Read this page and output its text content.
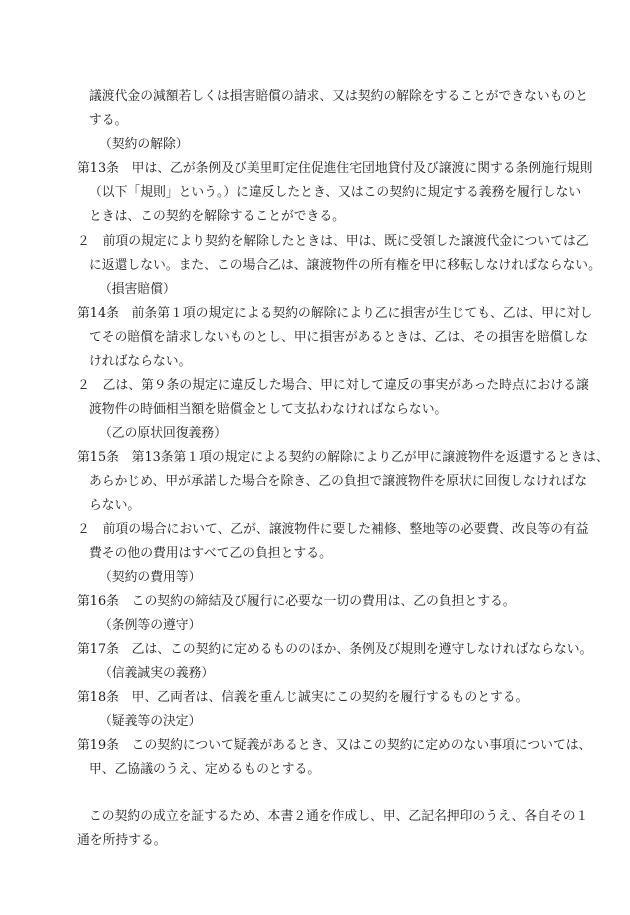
議渡代金の減額若しくは損害賠償の請求、又は契約の解除をすることができないものと
する。
（契約の解除）
第13条　甲は、乙が条例及び美里町定住促進住宅団地貸付及び譲渡に関する条例施行規則
（以下「規則」という。）に違反したとき、又はこの契約に規定する義務を履行しない
ときは、この契約を解除することができる。
２　前項の規定により契約を解除したときは、甲は、既に受領した譲渡代金については乙
に返還しない。また、この場合乙は、譲渡物件の所有権を甲に移転しなければならない。
（損害賠償）
第14条　前条第１項の規定による契約の解除により乙に損害が生じても、乙は、甲に対し
てその賠償を請求しないものとし、甲に損害があるときは、乙は、その損害を賠償しな
ければならない。
２　乙は、第９条の規定に違反した場合、甲に対して違反の事実があった時点における譲
渡物件の時価相当額を賠償金として支払わなければならない。
（乙の原状回復義務）
第15条　第13条第１項の規定による契約の解除により乙が甲に譲渡物件を返還するときは、
あらかじめ、甲が承諾した場合を除き、乙の負担で譲渡物件を原状に回復しなければな
らない。
２　前項の場合において、乙が、譲渡物件に要した補修、整地等の必要費、改良等の有益
費その他の費用はすべて乙の負担とする。
（契約の費用等）
第16条　この契約の締結及び履行に必要な一切の費用は、乙の負担とする。
（条例等の遵守）
第17条　乙は、この契約に定めるもののほか、条例及び規則を遵守しなければならない。
（信義誠実の義務）
第18条　甲、乙両者は、信義を重んじ誠実にこの契約を履行するものとする。
（疑義等の決定）
第19条　この契約について疑義があるとき、又はこの契約に定めのない事項については、
甲、乙協議のうえ、定めるものとする。
この契約の成立を証するため、本書２通を作成し、甲、乙記名押印のうえ、各自その１
通を所持する。
